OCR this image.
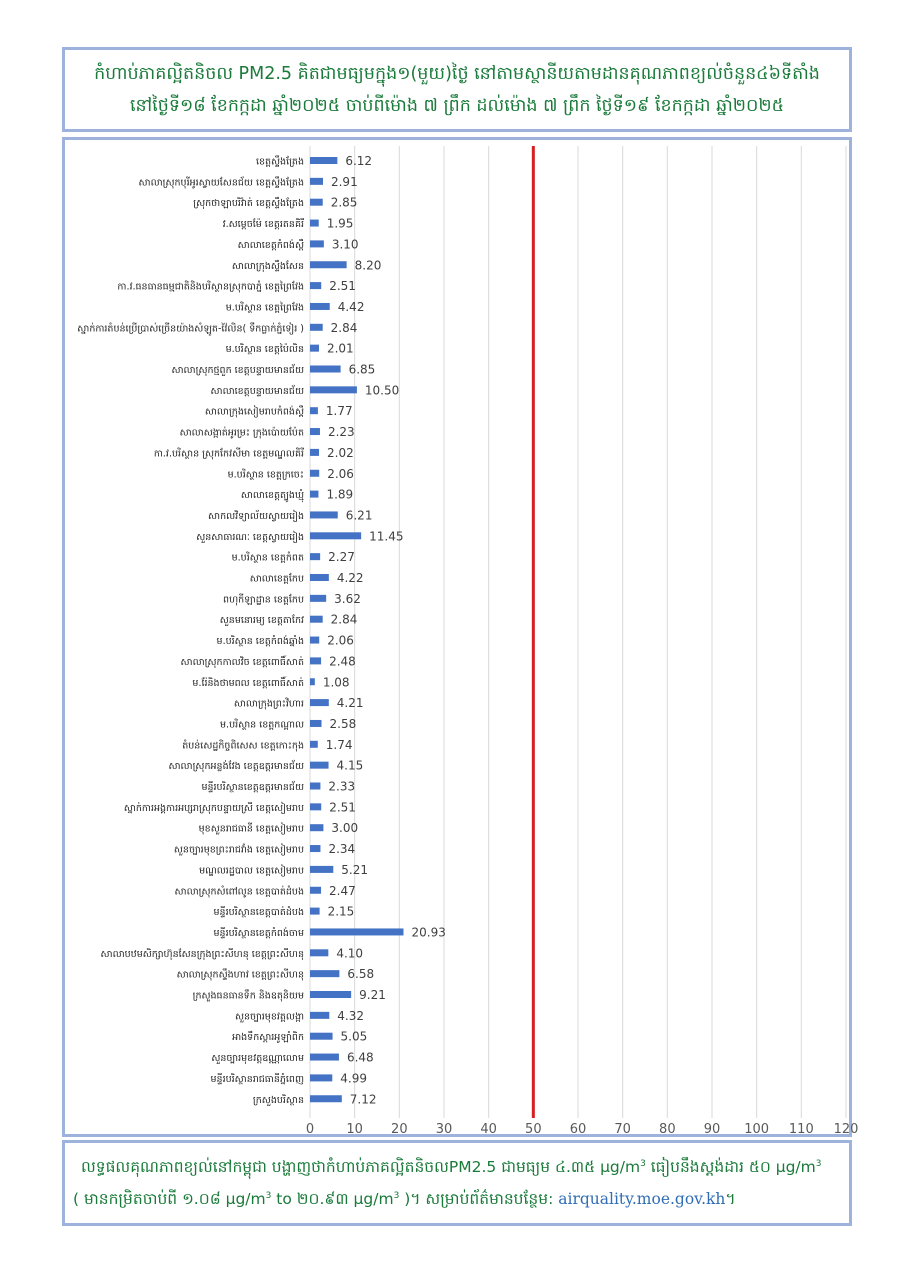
កំហាប់ភាគល្អិតនិចល PM2.5 គិតជាមធ្យមក្នុង១(មួយ)ថ្ងៃ នៅតាមស្ថានីយតាមដានគុណភាពខ្យល់ចំនួន៤៦ទីតាំង
នៅថ្ងៃទី១៨ ខែកក្កដា ឆ្នាំ២០២៥ ចាប់ពីម៉ោង ៧ ព្រឹក ដល់ម៉ោង ៧ ព្រឹក ថ្ងៃទី១៩ ខែកក្កដា ឆ្នាំ២០២៥
0 10 20 30 40 50 60 70 80 90 100 110 120
ខេត្តស្ទឹងត្រែង	6.12
សាលាស្រុកបុរីអូរស្វាយសែនជ័យ ខេត្តស្ទឹងត្រែង 2.91
ស្រុកថាឡាបរិវ៉ាត់ ខេត្តស្ទឹងត្រែង 2.85
វ.សម្តេចម៉ែ ខេត្តរតនគិរី 1.95
សាលាខេត្តកំពង់ស្ពឺ 3.10
សាលាក្រុងស្ទឹងសែន	8.20
កា.វ.ធនធានធម្មជាតិនិងបរិស្ថានស្រុកបាភ្នំ ខេត្តព្រៃវែង 2.51
ម.បរិស្ថាន ខេត្តព្រៃវែង	4.42
ស្នាក់ការតំបន់ប្រើប្រាស់ច្រើនយ៉ាងសំឡូត-វ៉ៃលិន( ទឹកធ្លាក់ភ្នំទៀរ ) 2.84
ម.បរិស្ថាន ខេត្តប៉ៃលិន 2.01
សាលាស្រុកថ្មពួក ខេត្តបន្ទាយមានជ័យ	6.85
សាលាខេត្តបន្ទាយមានជ័យ	10.50
សាលាក្រុងសៀមរាបកំពង់ស្ពឺ 1.77
សាលាសង្កាត់អូរម្រះ ក្រុងប៉ោយប៉ែត 2.23
កា.វ.បរិស្ថាន ស្រុកកែវសីមា ខេត្តមណ្ឌលគិរី 2.02
ម.បរិស្ថាន ខេត្តក្រចេះ 2.06
សាលាខេត្តត្បូងឃ្មុំ 1.89
សាកលវិទ្យាល័យស្វាយរៀង	6.21
សួនសាធារណៈ ខេត្តស្វាយរៀង	11.45
ម.បរិស្ថាន ខេត្តកំពត 2.27
សាលាខេត្តកែប	4.22
ពហុកីឡាដ្ឋាន ខេត្តកែប	3.62
សួនមនោរម្យ ខេត្តតាកែវ 2.84
ម.បរិស្ថាន ខេត្តកំពង់ឆ្នាំង 2.06
សាលាស្រុកកាលវិច ខេត្តពោធិ៍សាត់ 2.48
ម.រ៉ែនិងថាមពល ខេត្តពោធិ៍សាត់ 1.08
សាលាក្រុងព្រះវិហារ	4.21
ម.បរិស្ថាន ខេត្តកណ្តាល 2.58
តំបន់សេដ្ឋកិច្ចពិសេស ខេត្តកោះកុង 1.74
សាលាស្រុកអន្លង់វែង ខេត្តឧត្តរមានជ័យ	4.15
មន្ទីរបរិស្ថានខេត្តឧត្តរមានជ័យ 2.33
ស្នាក់ការអង្គការអប្សរាស្រុកបន្ទាយស្រី ខេត្តសៀមរាប 2.51
មុខសួនរាជធានី ខេត្តសៀមរាប 3.00
សួនច្បារមុខព្រះរាជវាំង ខេត្តសៀមរាប 2.34
មណ្ឌលរដ្ឋបាល ខេត្តសៀមរាប	5.21
សាលាស្រុកសំពៅលូន ខេត្តបាត់ដំបង 2.47
មន្ទីរបរិស្ថានខេត្តបាត់ដំបង 2.15
មន្ទីរបរិស្ថានខេត្តកំពង់ចាម	20.93
សាលាបឋមសិក្សាហ៊ុនសែនក្រុងព្រះសីហនុ ខេត្តព្រះសីហនុ	4.10
សាលាស្រុកស្ទឹងហាវ ខេត្តព្រះសីហនុ	6.58
ក្រសួងធនធានទឹក និងឧតុនិយម	9.21
សួនច្បារមុខវត្តលង្កា	4.32
អាងទឹកស្តារអូឡាំពិក	5.05
សួនច្បារមុខវត្តឧណ្ណាលោម	6.48
មន្ទីរបរិស្ថានរាជធានីភ្នំពេញ	4.99
ក្រសួងបរិស្ថាន	7.12
លទ្ធផលគុណភាពខ្យល់នៅកម្ពុជា បង្ហាញថាកំហាប់ភាគល្អិតនិចលPM2.5 ជាមធ្យម ៤.៣៥ $\mu g/m^3$ ធៀបនឹងស្តង់ដារ ៥០ $\mu g/m^3$
( មានកម្រិតចាប់ពី ១.០៨ $\mu g/m^3$ to ២០.៩៣ $\mu g/m^3$ )។ សម្រាប់ព័ត៌មានបន្ថែម: airquality.moe.gov.kh។
